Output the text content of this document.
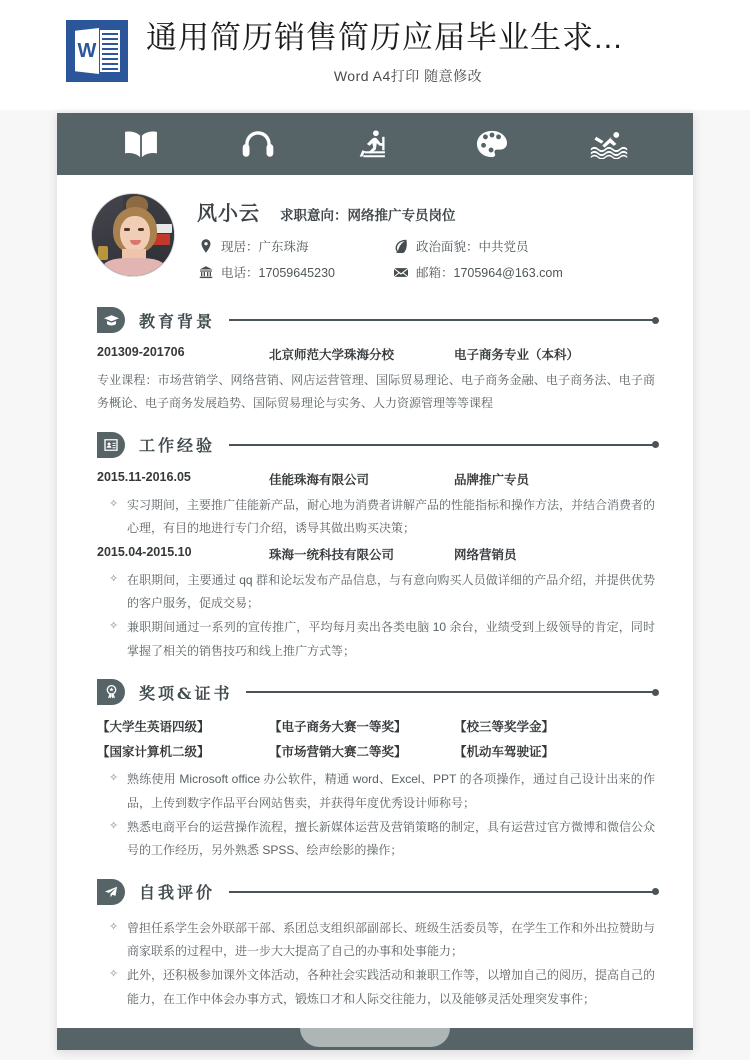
W 通用简历销售简历应届毕业生求...
Word A4打印 随意修改
风小云 求职意向：网络推广专员岗位
现居：广东珠海	政治面貌：中共党员
电话：17059645230	邮箱：1705964@163.com
教育背景
201309-201706	北京师范大学珠海分校	电子商务专业（本科）
专业课程：市场营销学、网络营销、网店运营管理、国际贸易理论、电子商务金融、电子商务法、电子商务概论、电子商务发展趋势、国际贸易理论与实务、人力资源管理等等课程
工作经验
2015.11-2016.05	佳能珠海有限公司	品牌推广专员
✧ 实习期间，主要推广佳能新产品，耐心地为消费者讲解产品的性能指标和操作方法，并结合消费者的心理，有目的地进行专门介绍，诱导其做出购买决策；
2015.04-2015.10	珠海一统科技有限公司	网络营销员
✧ 在职期间，主要通过 qq 群和论坛发布产品信息，与有意向购买人员做详细的产品介绍，并提供优势的客户服务，促成交易；
✧ 兼职期间通过一系列的宣传推广，平均每月卖出各类电脑 10 余台，业绩受到上级领导的肯定，同时掌握了相关的销售技巧和线上推广方式等；
奖项&证书
【大学生英语四级】	【电子商务大赛一等奖】	【校三等奖学金】
【国家计算机二级】	【市场营销大赛二等奖】	【机动车驾驶证】
✧ 熟练使用 Microsoft office 办公软件，精通 word、Excel、PPT 的各项操作，通过自己设计出来的作品，上传到数字作品平台网站售卖，并获得年度优秀设计师称号；
✧ 熟悉电商平台的运营操作流程，擅长新媒体运营及营销策略的制定，具有运营过官方微博和微信公众号的工作经历，另外熟悉 SPSS、绘声绘影的操作；
自我评价
✧ 曾担任系学生会外联部干部、系团总支组织部副部长、班级生活委员等，在学生工作和外出拉赞助与商家联系的过程中，进一步大大提高了自己的办事和处事能力；
✧ 此外，还积极参加课外文体活动，各种社会实践活动和兼职工作等，以增加自己的阅历，提高自己的能力，在工作中体会办事方式，锻炼口才和人际交往能力，以及能够灵活处理突发事件；
